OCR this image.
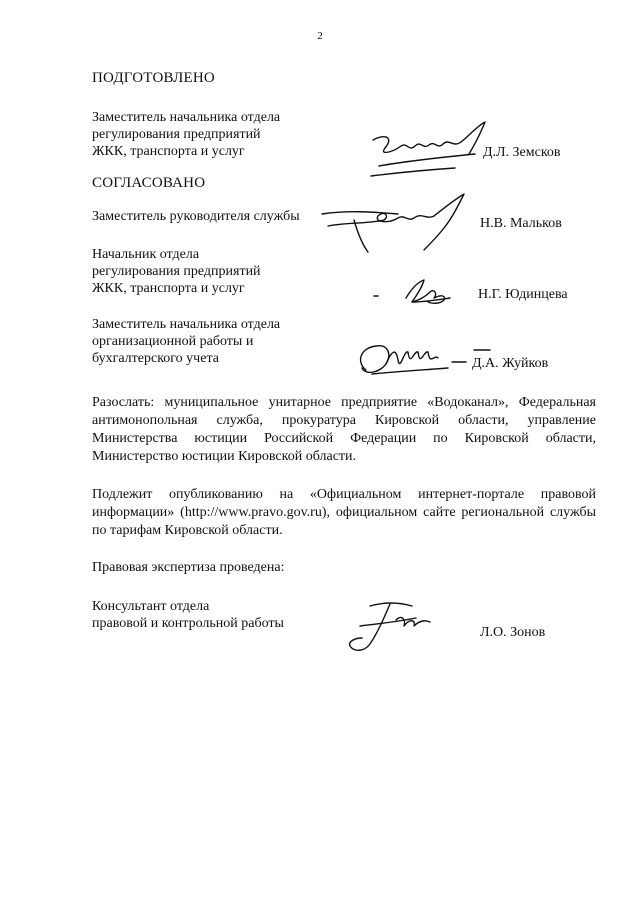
2
ПОДГОТОВЛЕНО
Заместитель начальника отдела
регулирования предприятий
ЖКК, транспорта и услуг	Д.Л. Земсков
СОГЛАСОВАНО
Заместитель руководителя службы	Н.В. Мальков
Начальник отдела
регулирования предприятий
ЖКК, транспорта и услуг	Н.Г. Юдинцева
Заместитель начальника отдела
организационной работы и
бухгалтерского учета	Д.А. Жуйков
Разослать: муниципальное унитарное предприятие «Водоканал», Федеральная антимонопольная служба, прокуратура Кировской области, управление Министерства юстиции Российской Федерации по Кировской области, Министерство юстиции Кировской области.
Подлежит опубликованию на «Официальном интернет-портале правовой информации» (http://www.pravo.gov.ru), официальном сайте региональной службы по тарифам Кировской области.
Правовая экспертиза проведена:
Консультант отдела
правовой и контрольной работы
Л.О. Зонов
